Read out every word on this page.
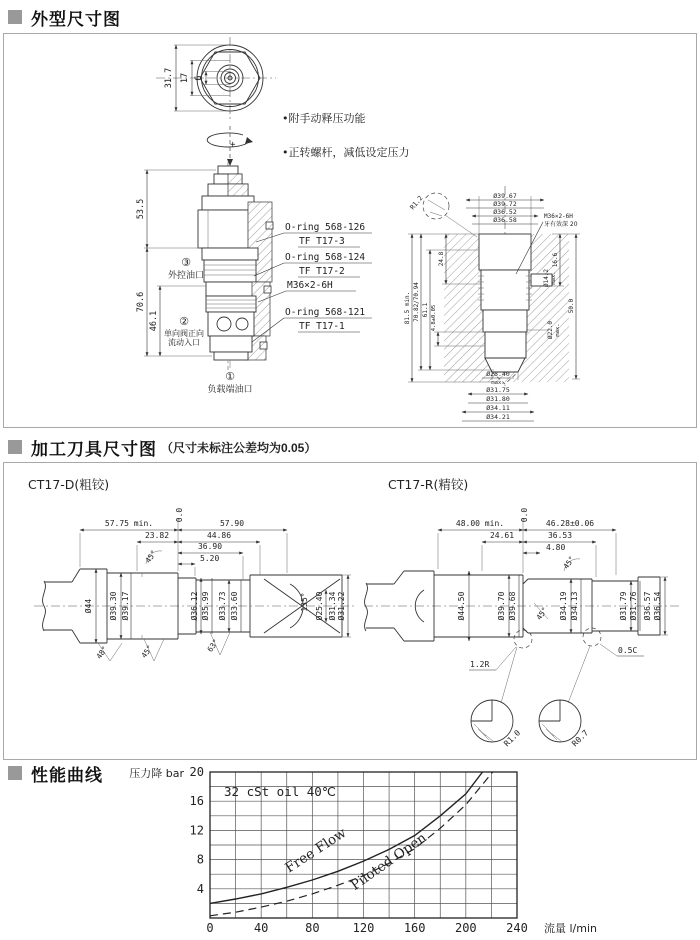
外型尺寸图
31.7 17 6
+
•附手动释压功能
•正转螺杆，减低设定压力
53.5
70.6
46.1
③
外控油口
②
单向阀正向
流动入口
①
负载端油口
O-ring 568-126
TF T17-3
O-ring 568-124
TF T17-2
M36×2-6H
O-ring 568-121
TF T17-1
Ø39.67
Ø39.72
Ø36.52
Ø36.58	M36×2-6H
牙有效深 20
R1.2
81.5 min. 70.82/70.94 61.1 4.8±0.05
24.8
Ø14.2 max.
16.6
50.0
Ø22.0 max.
Ø25.40
max.
Ø31.75
Ø31.80
Ø34.11
Ø34.21
加工刀具尺寸图 （尺寸未标注公差均为0.05）
CT17-D(粗铰)
57.75 min.
0.0
57.90
23.82	44.86
36.90
5.20
45°
Ø44 Ø39.30 Ø39.17	Ø36.12 Ø35.99 Ø33.73 Ø33.60	135° Ø25.40 Ø31.34 Ø31.22
48°	45°	63°
CT17-R(精铰)
48.00 min.
0.0
46.28±0.06
24.61	36.53
4.80
45°
45°
Ø44.50	Ø39.70 Ø39.68	Ø34.19 Ø34.13	Ø31.79 Ø31.76 Ø36.57 Ø36.54
1.2R
0.5C
R1.0	R0.7
性能曲线 压力降 bar
0	40	80	120 160 200 240
4
8
12
16
20
32 cSt oil 40℃
Free Flow
Piloted Open
流量 l/min
